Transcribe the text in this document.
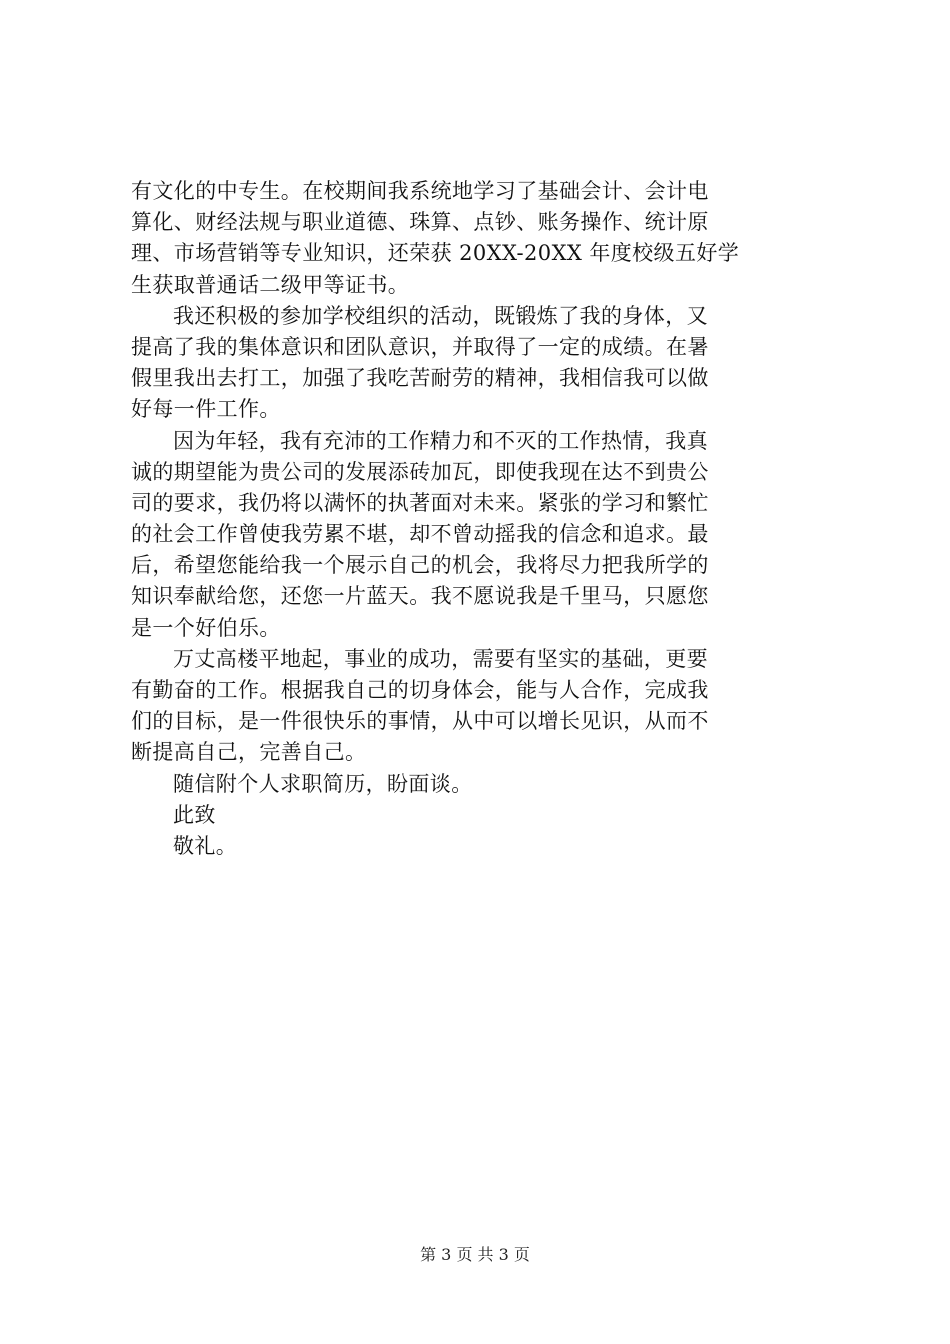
有文化的中专生。在校期间我系统地学习了基础会计、会计电
算化、财经法规与职业道德、珠算、点钞、账务操作、统计原
理、市场营销等专业知识，还荣获 20XX-20XX 年度校级五好学
生获取普通话二级甲等证书。
我还积极的参加学校组织的活动，既锻炼了我的身体，又
提高了我的集体意识和团队意识，并取得了一定的成绩。在暑
假里我出去打工，加强了我吃苦耐劳的精神，我相信我可以做
好每一件工作。
因为年轻，我有充沛的工作精力和不灭的工作热情，我真
诚的期望能为贵公司的发展添砖加瓦，即使我现在达不到贵公
司的要求，我仍将以满怀的执著面对未来。紧张的学习和繁忙
的社会工作曾使我劳累不堪，却不曾动摇我的信念和追求。最
后，希望您能给我一个展示自己的机会，我将尽力把我所学的
知识奉献给您，还您一片蓝天。我不愿说我是千里马，只愿您
是一个好伯乐。
万丈高楼平地起，事业的成功，需要有坚实的基础，更要
有勤奋的工作。根据我自己的切身体会，能与人合作，完成我
们的目标，是一件很快乐的事情，从中可以增长见识，从而不
断提高自己，完善自己。
随信附个人求职简历，盼面谈。
此致
敬礼。
第 3 页 共 3 页
